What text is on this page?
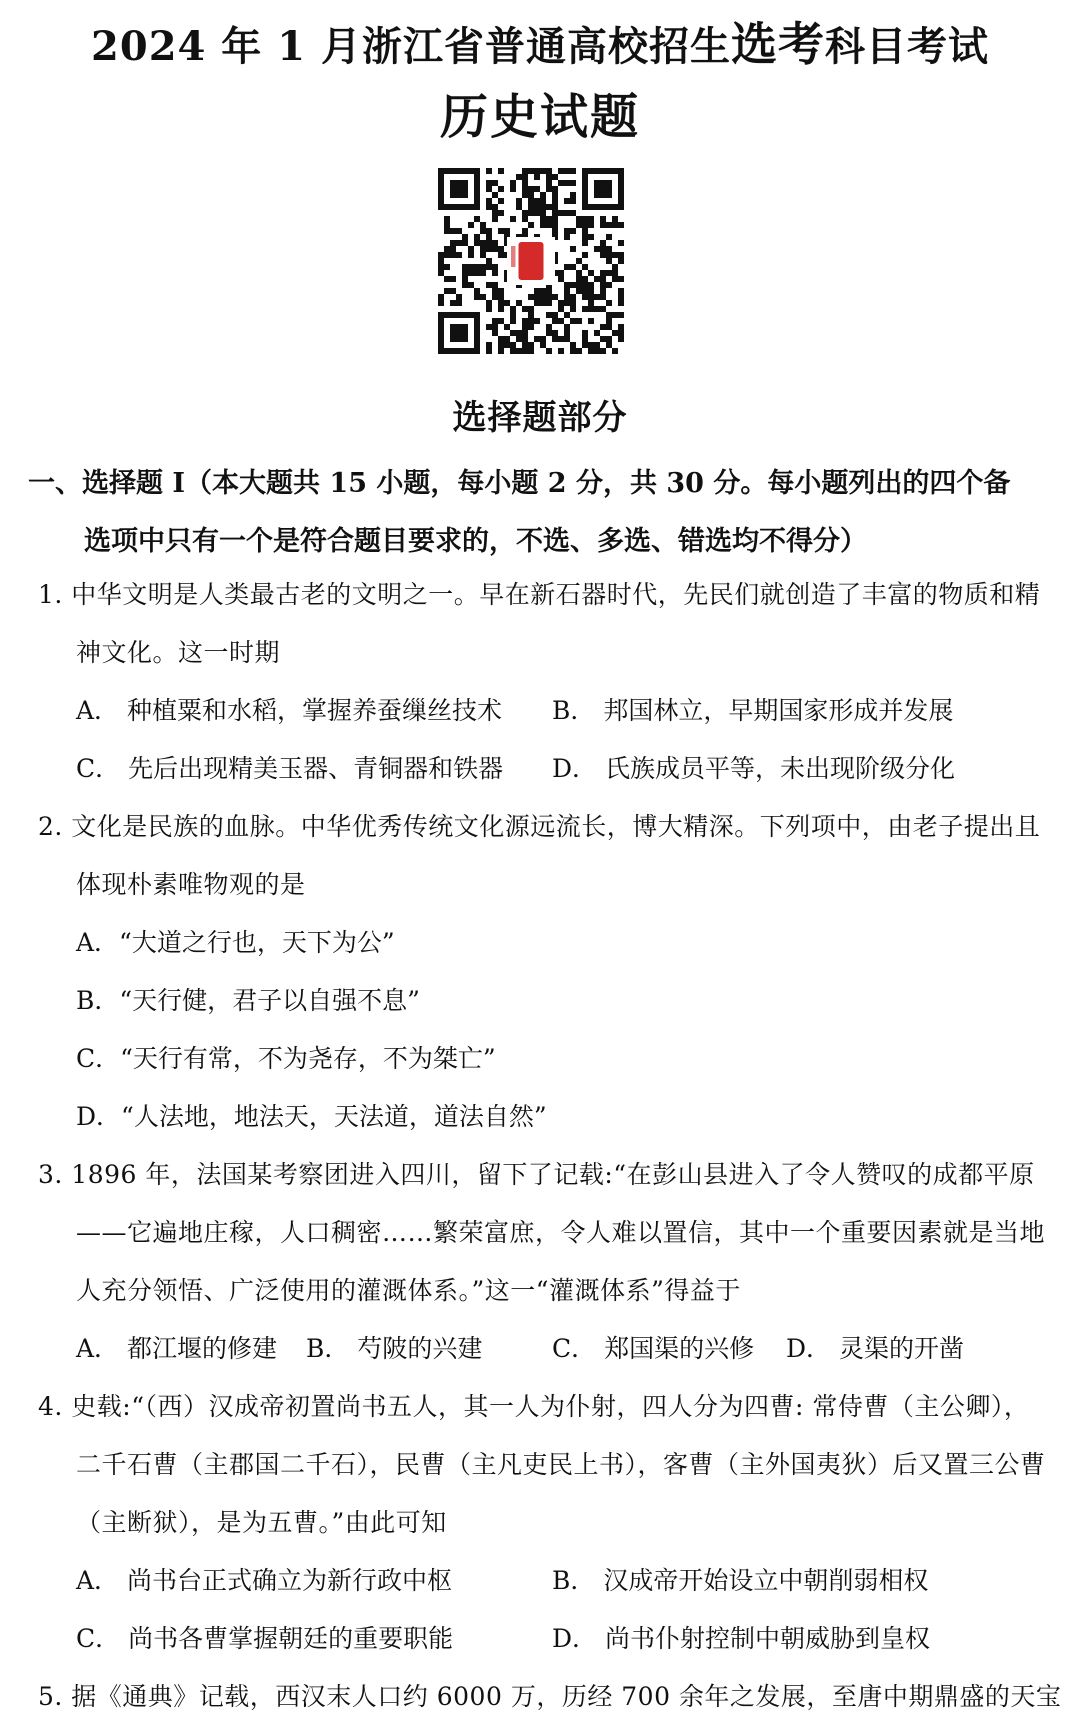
2024 年 1 月浙江省普通高校招生选考科目考试
历史试题
选择题部分
一、选择题 I（本大题共 15 小题，每小题 2 分，共 30 分。每小题列出的四个备
选项中只有一个是符合题目要求的，不选、多选、错选均不得分）
1. 中华文明是人类最古老的文明之一。早在新石器时代，先民们就创造了丰富的物质和精
神文化。这一时期
A． 种植粟和水稻，掌握养蚕缫丝技术 B． 邦国林立，早期国家形成并发展
C． 先后出现精美玉器、青铜器和铁器 D． 氏族成员平等，未出现阶级分化
2. 文化是民族的血脉。中华优秀传统文化源远流长，博大精深。下列项中，由老子提出且
体现朴素唯物观的是
A．“大道之行也，天下为公”
B．“天行健，君子以自强不息”
C．“天行有常，不为尧存，不为桀亡”
D．“人法地，地法天，天法道，道法自然”
3. 1896 年，法国某考察团进入四川，留下了记载:“在彭山县进入了令人赞叹的成都平原
——它遍地庄稼，人口稠密……繁荣富庶，令人难以置信，其中一个重要因素就是当地
人充分领悟、广泛使用的灌溉体系。”这一“灌溉体系”得益于
A． 都江堰的修建 B． 芍陂的兴建	C． 郑国渠的兴修 D． 灵渠的开凿
4. 史载:“（西）汉成帝初置尚书五人，其一人为仆射，四人分为四曹: 常侍曹（主公卿），
二千石曹（主郡国二千石），民曹（主凡吏民上书），客曹（主外国夷狄）后又置三公曹
（主断狱），是为五曹。”由此可知
A． 尚书台正式确立为新行政中枢	B． 汉成帝开始设立中朝削弱相权
C． 尚书各曹掌握朝廷的重要职能	D． 尚书仆射控制中朝威胁到皇权
5. 据《通典》记载，西汉末人口约 6000 万，历经 700 余年之发展，至唐中期鼎盛的天宝
